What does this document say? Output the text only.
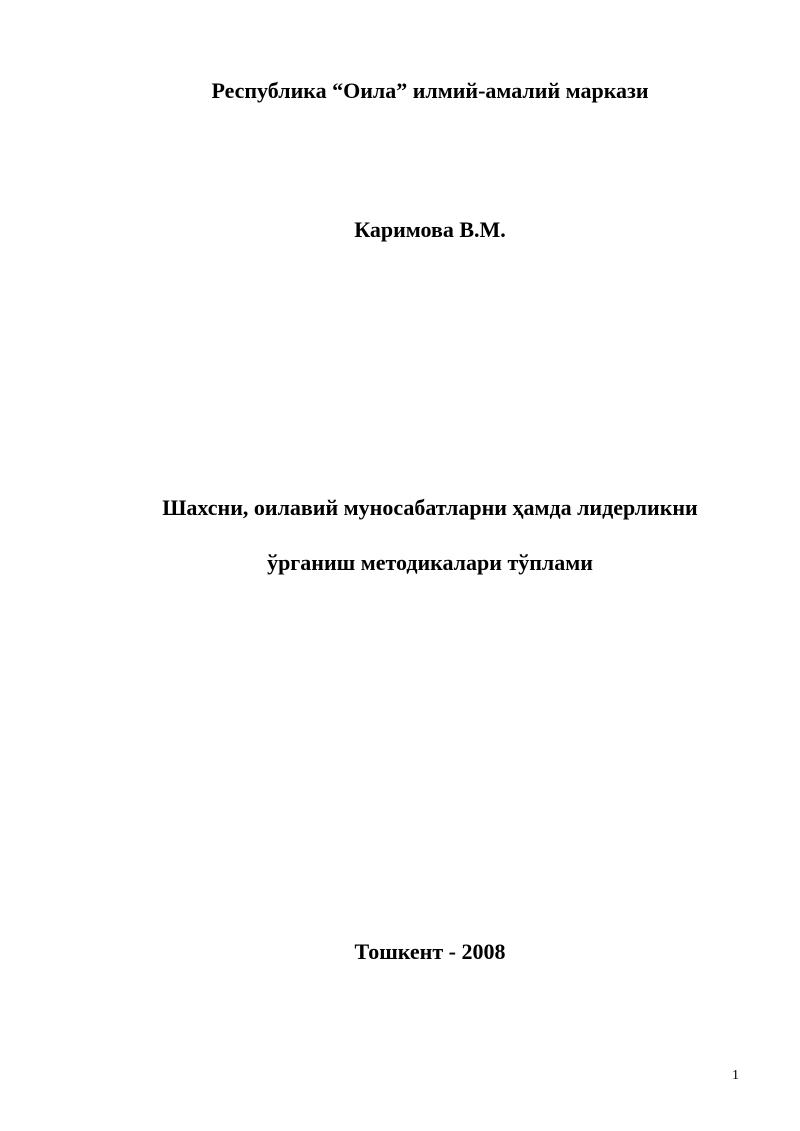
Республика “Оила” илмий-амалий маркази
Каримова В.М.
Шахсни, оилавий муносабатларни ҳамда лидерликни
ўрганиш методикалари тўплами
Тошкент - 2008
1
